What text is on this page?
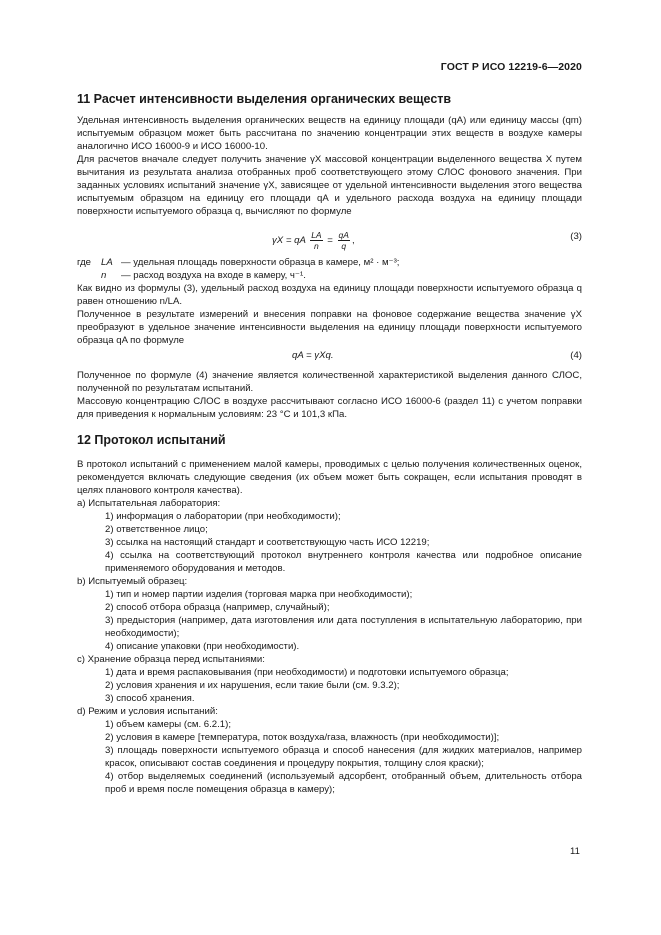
ГОСТ Р ИСО 12219-6—2020
11 Расчет интенсивности выделения органических веществ

Удельная интенсивность выделения органических веществ на единицу площади (qA) или единицу массы (qm) испытуемым образцом может быть рассчитана по значению концентрации этих веществ в воздухе камеры аналогично ИСО 16000-9 и ИСО 16000-10.

Для расчетов вначале следует получить значение γX массовой концентрации выделенного вещества X путем вычитания из результата анализа отобранных проб соответствующего этому СЛОС фонового значения. При заданных условиях испытаний значение γX, зависящее от удельной интенсивности выделения этого вещества испытуемым образцом на единицу его площади qA и удельного расхода воздуха на единицу площади поверхности испытуемого образца q, вычисляют по формуле

γX = qA $\frac{LA}{n} = \frac{qA}{q}$ ,	(3)
где	LA — удельная площадь поверхности образца в камере, м² · м⁻³;
n	— расход воздуха на входе в камеру, ч⁻¹.

Как видно из формулы (3), удельный расход воздуха на единицу площади поверхности испытуемого образца q равен отношению n/LA.

Полученное в результате измерений и внесения поправки на фоновое содержание вещества значение γX преобразуют в удельное значение интенсивности выделения на единицу площади поверхности испытуемого образца qA по формуле

qA = γXq.	(4)

Полученное по формуле (4) значение является количественной характеристикой выделения данного СЛОС, полученной по результатам испытаний.

Массовую концентрацию СЛОС в воздухе рассчитывают согласно ИСО 16000-6 (раздел 11) с учетом поправки для приведения к нормальным условиям: 23 °C и 101,3 кПа.

12 Протокол испытаний

В протокол испытаний с применением малой камеры, проводимых с целью получения количественных оценок, рекомендуется включать следующие сведения (их объем может быть сокращен, если испытания проводят в целях планового контроля качества).

a) Испытательная лаборатория:

1) информация о лаборатории (при необходимости);

2) ответственное лицо;

3) ссылка на настоящий стандарт и соответствующую часть ИСО 12219;

4) ссылка на соответствующий протокол внутреннего контроля качества или подробное описание применяемого оборудования и методов.

b) Испытуемый образец:

1) тип и номер партии изделия (торговая марка при необходимости);

2) способ отбора образца (например, случайный);

3) предыстория (например, дата изготовления или дата поступления в испытательную лабораторию, при необходимости);

4) описание упаковки (при необходимости).

c) Хранение образца перед испытаниями:

1) дата и время распаковывания (при необходимости) и подготовки испытуемого образца;

2) условия хранения и их нарушения, если такие были (см. 9.3.2);

3) способ хранения.

d) Режим и условия испытаний:

1) объем камеры (см. 6.2.1);

2) условия в камере [температура, поток воздуха/газа, влажность (при необходимости)];

3) площадь поверхности испытуемого образца и способ нанесения (для жидких материалов, например красок, описывают состав соединения и процедуру покрытия, толщину слоя краски);

4) отбор выделяемых соединений (используемый адсорбент, отобранный объем, длительность отбора проб и время после помещения образца в камеру);

11
